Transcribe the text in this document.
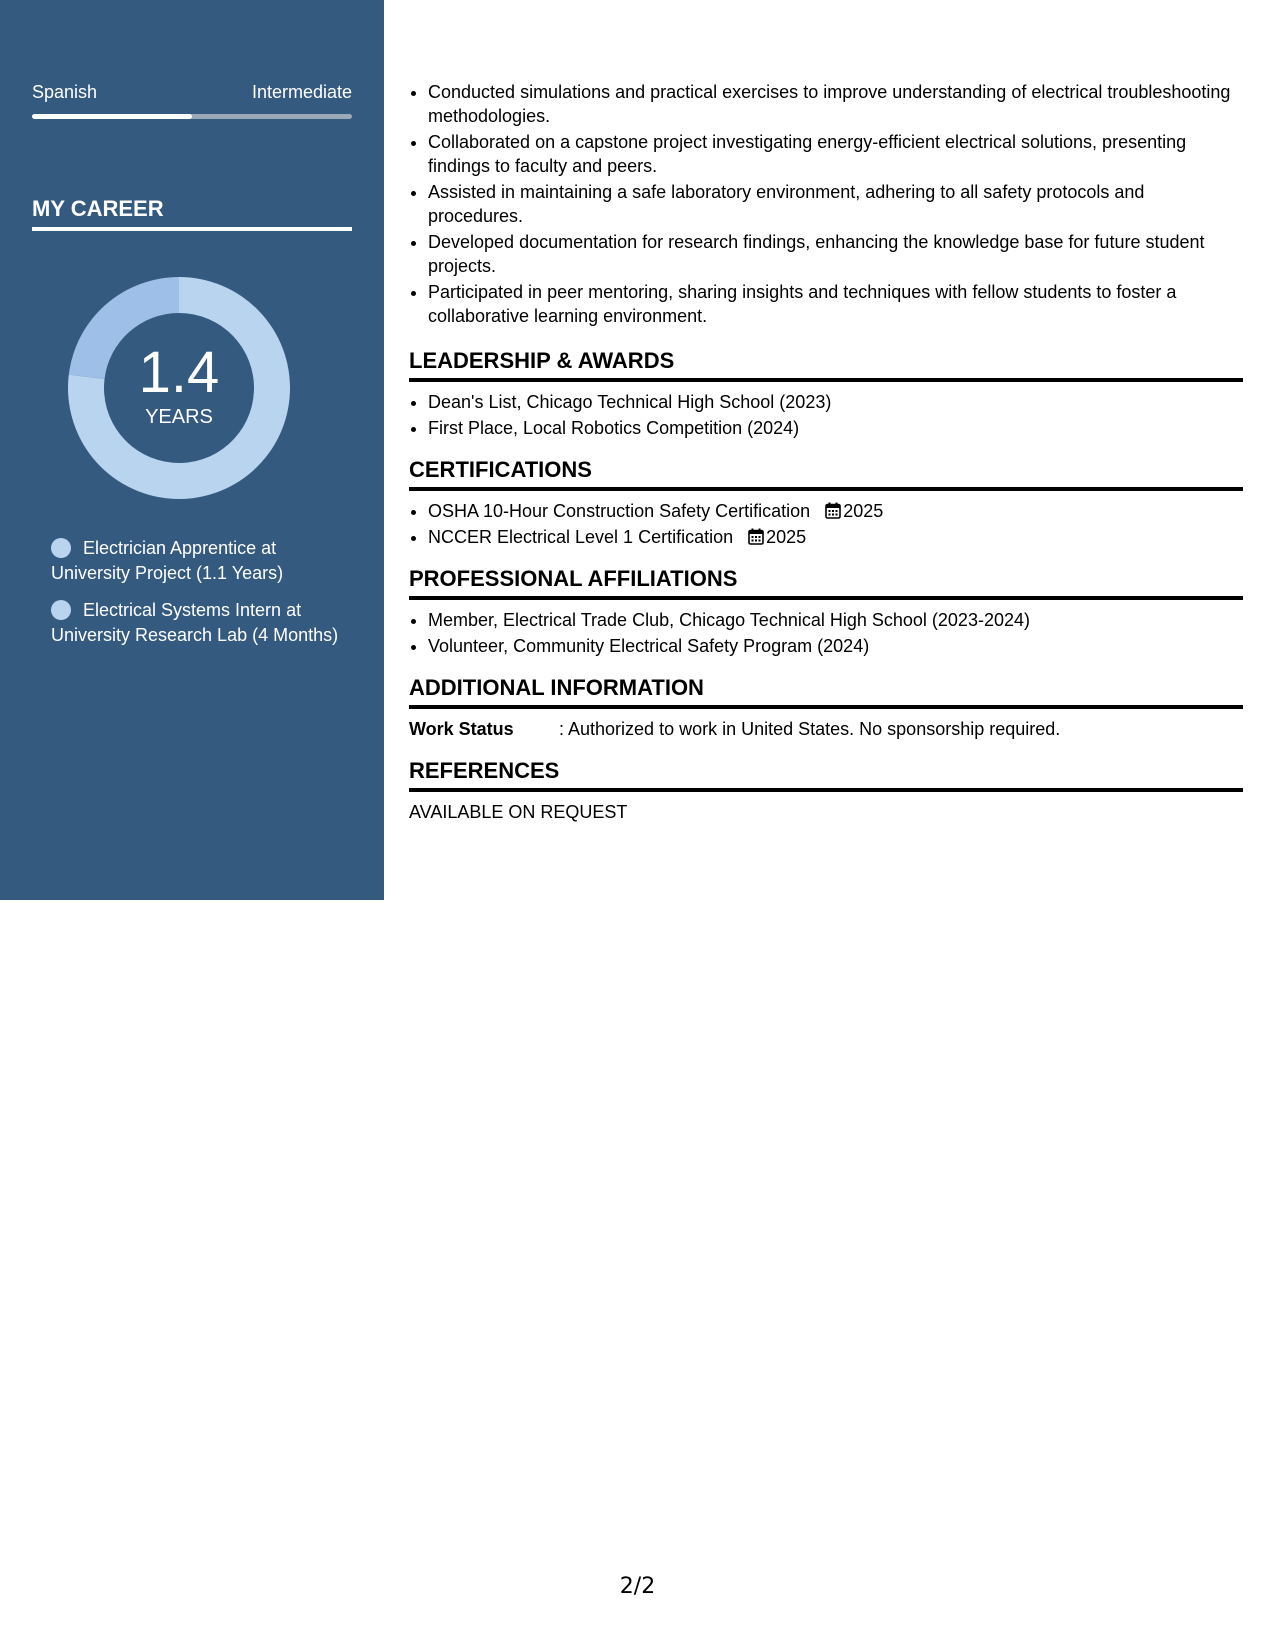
Spanish	Intermediate
MY CAREER
1.4
YEARS
Electrician Apprentice at University Project (1.1 Years)
Electrical Systems Intern at University Research Lab (4 Months)
• Conducted simulations and practical exercises to improve understanding of electrical troubleshooting methodologies.
• Collaborated on a capstone project investigating energy-efficient electrical solutions, presenting findings to faculty and peers.
• Assisted in maintaining a safe laboratory environment, adhering to all safety protocols and procedures.
• Developed documentation for research findings, enhancing the knowledge base for future student projects.
• Participated in peer mentoring, sharing insights and techniques with fellow students to foster a collaborative learning environment.
LEADERSHIP & AWARDS
• Dean's List, Chicago Technical High School (2023)
• First Place, Local Robotics Competition (2024)
CERTIFICATIONS
• OSHA 10-Hour Construction Safety Certification 2025
• NCCER Electrical Level 1 Certification 2025
PROFESSIONAL AFFILIATIONS
• Member, Electrical Trade Club, Chicago Technical High School (2023-2024)
• Volunteer, Community Electrical Safety Program (2024)
ADDITIONAL INFORMATION
Work Status	: Authorized to work in United States. No sponsorship required.
REFERENCES
AVAILABLE ON REQUEST
2/2
